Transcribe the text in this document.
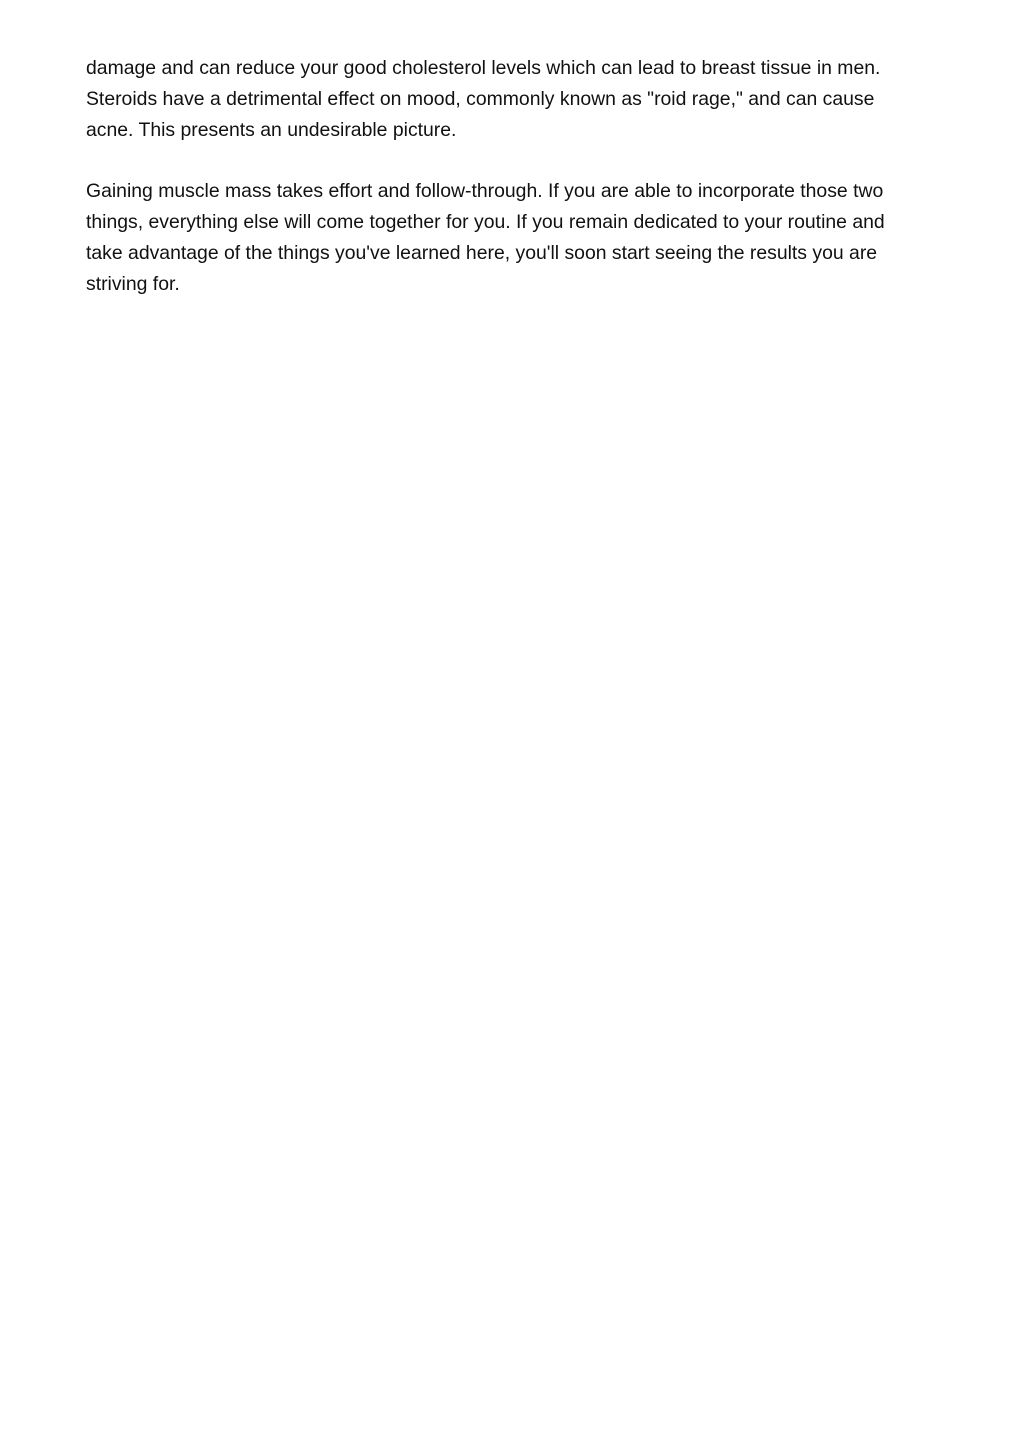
damage and can reduce your good cholesterol levels which can lead to breast tissue in men.
Steroids have a detrimental effect on mood, commonly known as "roid rage," and can cause
acne. This presents an undesirable picture.

Gaining muscle mass takes effort and follow-through. If you are able to incorporate those two
things, everything else will come together for you. If you remain dedicated to your routine and
take advantage of the things you've learned here, you'll soon start seeing the results you are
striving for.
